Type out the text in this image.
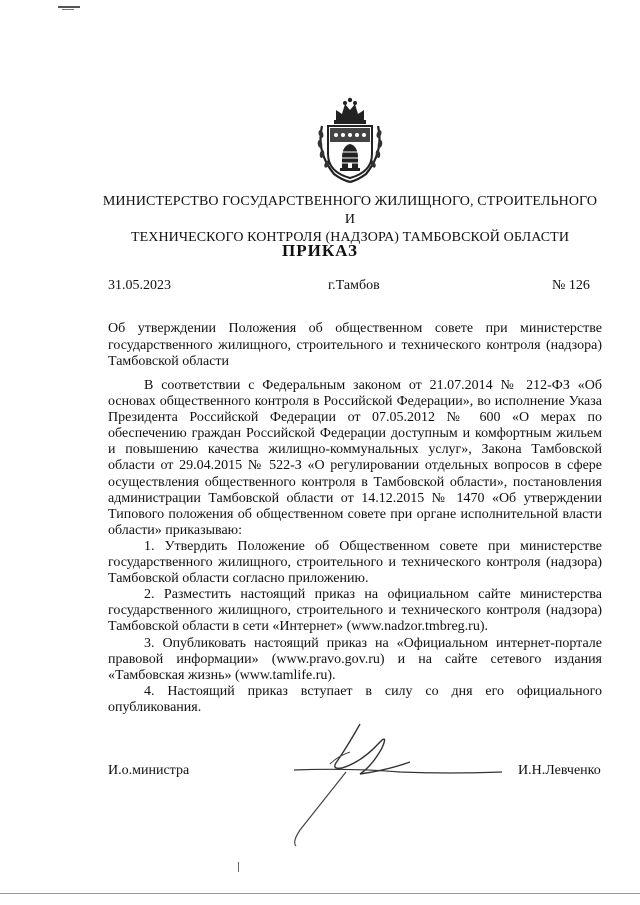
МИНИСТЕРСТВО ГОСУДАРСТВЕННОГО ЖИЛИЩНОГО, СТРОИТЕЛЬНОГО И
ТЕХНИЧЕСКОГО КОНТРОЛЯ (НАДЗОРА) ТАМБОВСКОЙ ОБЛАСТИ
ПРИКАЗ
31.05.2023	г.Тамбов	№ 126
Об утверждении Положения об общественном совете при министерстве государственного жилищного, строительного и технического контроля (надзора) Тамбовской области

В соответствии с Федеральным законом от 21.07.2014 № 212-ФЗ «Об основах общественного контроля в Российской Федерации», во исполнение Указа Президента Российской Федерации от 07.05.2012 № 600 «О мерах по обеспечению граждан Российской Федерации доступным и комфортным жильем и повышению качества жилищно-коммунальных услуг», Закона Тамбовской области от 29.04.2015 № 522-З «О регулировании отдельных вопросов в сфере осуществления общественного контроля в Тамбовской области», постановления администрации Тамбовской области от 14.12.2015 № 1470 «Об утверждении Типового положения об общественном совете при органе исполнительной власти области» приказываю:

1. Утвердить Положение об Общественном совете при министерстве государственного жилищного, строительного и технического контроля (надзора) Тамбовской области согласно приложению.

2. Разместить настоящий приказ на официальном сайте министерства государственного жилищного, строительного и технического контроля (надзора) Тамбовской области в сети «Интернет» (www.nadzor.tmbreg.ru).

3. Опубликовать настоящий приказ на «Официальном интернет-портале правовой информации» (www.pravo.gov.ru) и на сайте сетевого издания «Тамбовская жизнь» (www.tamlife.ru).

4. Настоящий приказ вступает в силу со дня его официального опубликования.

И.о.министра	И.Н.Левченко
